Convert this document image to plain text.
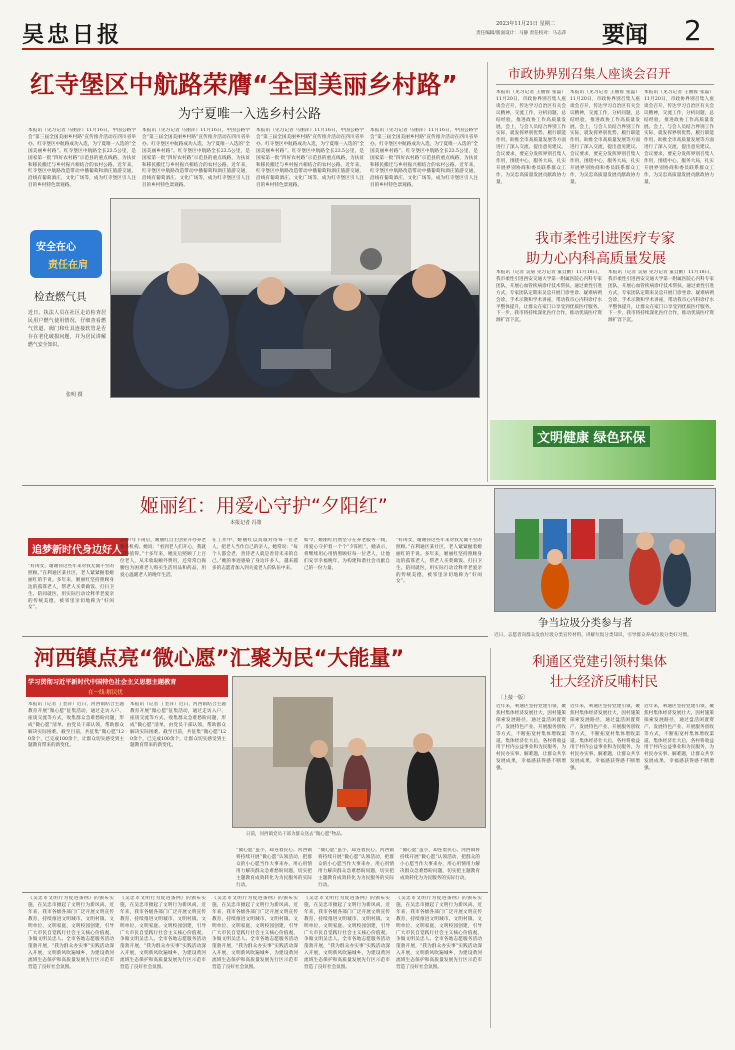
吴忠日报	2023年11月21日 星期二
责任编辑/版面设计：马静 责任校对：马志萍	要闻 2
红寺堡区中航路荣膺“全国美丽乡村路”
为宁夏唯一入选乡村公路
本报讯（见习记者 马丽萍）11月16日，中国公路学会“第三届全国美丽乡村路”宣传推介活动在四川省举办。红寺堡区中航路成功入选，为宁夏唯一入选的“全国美丽乡村路”。红寺堡区中航路全长23.5公里，是国家第一批“四好农村路”示范县的重点线路，为扶贫和移民搬迁与乡村振兴相结合的农村公路。近年来，红寺堡区中航路改造带动中播葡萄和酒庄旅游交通，沿线有葡萄酒庄、文化广场等，成为红寺堡区引人注目的乡村特色景观路。
本报讯（见习记者 马丽萍）11月16日，中国公路学会“第三届全国美丽乡村路”宣传推介活动在四川省举办。红寺堡区中航路成功入选，为宁夏唯一入选的“全国美丽乡村路”。红寺堡区中航路全长23.5公里，是国家第一批“四好农村路”示范县的重点线路，为扶贫和移民搬迁与乡村振兴相结合的农村公路。近年来，红寺堡区中航路改造带动中播葡萄和酒庄旅游交通，沿线有葡萄酒庄、文化广场等，成为红寺堡区引人注目的乡村特色景观路。
本报讯（见习记者 马丽萍）11月16日，中国公路学会“第三届全国美丽乡村路”宣传推介活动在四川省举办。红寺堡区中航路成功入选，为宁夏唯一入选的“全国美丽乡村路”。红寺堡区中航路全长23.5公里，是国家第一批“四好农村路”示范县的重点线路，为扶贫和移民搬迁与乡村振兴相结合的农村公路。近年来，红寺堡区中航路改造带动中播葡萄和酒庄旅游交通，沿线有葡萄酒庄、文化广场等，成为红寺堡区引人注目的乡村特色景观路。
本报讯（见习记者 马丽萍）11月16日，中国公路学会“第三届全国美丽乡村路”宣传推介活动在四川省举办。红寺堡区中航路成功入选，为宁夏唯一入选的“全国美丽乡村路”。红寺堡区中航路全长23.5公里，是国家第一批“四好农村路”示范县的重点线路，为扶贫和移民搬迁与乡村振兴相结合的农村公路。近年来，红寺堡区中航路改造带动中播葡萄和酒庄旅游交通，沿线有葡萄酒庄、文化广场等，成为红寺堡区引人注目的乡村特色景观路。
安全在心
责任在肩
检查燃气具
近日，执法人员在社区走访检查居民用户燃气使用情况，仔细查看燃气管道、阀门和灶具连接软管是否存在老化破损问题，并为居民讲解燃气安全知识。
张明 摄
市政协界别召集人座谈会召开
本报讯（见习记者 王丽蓉 张磊）11月20日，市政协界别召集人座谈会召开，传达学习自治区有关会议精神，交流工作，分析问题，总结经验，推进政协工作高质量发展。会上，与会人员结合界别工作实际，就发挥界别优势、履行职能作用、助推全市高质量发展等方面进行了深入交流，提出意见建议。会议要求，要充分发挥界别召集人作用，围绕中心，服务大局，扎实开展界别协商和委员联系群众工作，为吴忠高质量发展贡献政协力量。
本报讯（见习记者 王丽蓉 张磊）11月20日，市政协界别召集人座谈会召开，传达学习自治区有关会议精神，交流工作，分析问题，总结经验，推进政协工作高质量发展。会上，与会人员结合界别工作实际，就发挥界别优势、履行职能作用、助推全市高质量发展等方面进行了深入交流，提出意见建议。会议要求，要充分发挥界别召集人作用，围绕中心，服务大局，扎实开展界别协商和委员联系群众工作，为吴忠高质量发展贡献政协力量。
本报讯（见习记者 王丽蓉 张磊）11月20日，市政协界别召集人座谈会召开，传达学习自治区有关会议精神，交流工作，分析问题，总结经验，推进政协工作高质量发展。会上，与会人员结合界别工作实际，就发挥界别优势、履行职能作用、助推全市高质量发展等方面进行了深入交流，提出意见建议。会议要求，要充分发挥界别召集人作用，围绕中心，服务大局，扎实开展界别协商和委员联系群众工作，为吴忠高质量发展贡献政协力量。
我市柔性引进医疗专家
助力心内科高质量发展
本报讯（记者 吴菊 见习记者 董自勤）11月18日，我市柔性引进西安交通大学第一附属医院心内科专家团队，开展心血管疾病诊疗技术帮扶。通过柔性引进方式，专家团队定期来吴忠开展门诊坐诊、疑难病例会诊、手术示教和学术讲座，带动我市心内科诊疗水平整体提升，让群众在家门口享受到优质医疗服务。下一步，我市将持续深化医疗合作，推动优质医疗资源扩容下沉。
本报讯（记者 吴菊 见习记者 董自勤）11月18日，我市柔性引进西安交通大学第一附属医院心内科专家团队，开展心血管疾病诊疗技术帮扶。通过柔性引进方式，专家团队定期来吴忠开展门诊坐诊、疑难病例会诊、手术示教和学术讲座，带动我市心内科诊疗水平整体提升，让群众在家门口享受到优质医疗服务。下一步，我市将持续深化医疗合作，推动优质医疗资源扩容下沉。
文明健康 绿色环保
姬丽红：用爱心守护“夕阳红”
本报记者 冯策
追梦新时代身边好人
“好闺女，谢谢你这些年来对我无微不至的照顾。”在利通区某社区，老人紧紧握着姬丽红的手说。多年来，姬丽红坚持照顾身边的孤寡老人，帮老人买菜做饭、打扫卫生、陪同就医，用实际行动诠释孝老爱亲的传统美德，被邻里亲切地称为“好闺女”。
2007年下岗后，姬丽红自主创业开办养老服务机构。她说：“看到老人们开心，我就觉得值得。”十多年来，她先后照顾了上百位老人，从未收取额外费用，还常常自掏腰包为困难老人购买生活用品和药品，用爱心温暖老人的晚年生活。
在工作中，姬丽红以真诚对待每一位老人，把老人当作自己的亲人。她常说：“每个人都会老，善待老人就是善待未来的自己。”她的事迹感染了身边许多人，越来越多的志愿者加入到关爱老人的队伍中来。
如今，姬丽红仍然坚守在养老服务一线，用爱心守护着一个个“夕阳红”。她表示，将继续用心用情照顾好每一位老人，让他们安享幸福晚年，为构建和谐社会贡献自己的一份力量。
“好闺女，谢谢你这些年来对我无微不至的照顾。”在利通区某社区，老人紧紧握着姬丽红的手说。多年来，姬丽红坚持照顾身边的孤寡老人，帮老人买菜做饭、打扫卫生、陪同就医，用实际行动诠释孝老爱亲的传统美德，被邻里亲切地称为“好闺女”。
争当垃圾分类参与者
近日，志愿者向群众发放垃圾分类宣传材料，讲解垃圾分类知识，引导群众养成垃圾分类好习惯。
河西镇点亮“微心愿”汇聚为民“大能量”
学习贯彻习近平新时代中国特色社会主义思想主题教育
在一线·解民忧
本报讯（记者 丁奎萍）近日，河西镇结合主题教育开展“微心愿”征集活动，通过走访入户、座谈交流等方式，收集群众急难愁盼问题，形成“微心愿”清单，由党员干部认领，帮助群众解决实际困难。截至目前，共征集“微心愿”120余个，已完成100余个，让群众切实感受到主题教育带来的新变化。
本报讯（记者 丁奎萍）近日，河西镇结合主题教育开展“微心愿”征集活动，通过走访入户、座谈交流等方式，收集群众急难愁盼问题，形成“微心愿”清单，由党员干部认领，帮助群众解决实际困难。截至目前，共征集“微心愿”120余个，已完成100余个，让群众切实感受到主题教育带来的新变化。
日前，河西镇党员干部为群众送去“微心愿”物品。
“微心愿”虽小，却连着民心。河西镇将持续开展“微心愿”认领活动，把群众的小心愿当作大事来办，用心用情用力解决群众急难愁盼问题，切实把主题教育成效转化为为民服务的实际行动。
“微心愿”虽小，却连着民心。河西镇将持续开展“微心愿”认领活动，把群众的小心愿当作大事来办，用心用情用力解决群众急难愁盼问题，切实把主题教育成效转化为为民服务的实际行动。
“微心愿”虽小，却连着民心。河西镇将持续开展“微心愿”认领活动，把群众的小心愿当作大事来办，用心用情用力解决群众急难愁盼问题，切实把主题教育成效转化为为民服务的实际行动。
《吴忠市文明行为促进条例》的颁布实施，在吴忠市掀起了文明行为新风尚。近年来，我市各级各部门广泛开展文明宣传教育，持续推进文明城市、文明村镇、文明单位、文明家庭、文明校园创建，引导广大市民自觉践行社会主义核心价值观，争做文明吴忠人。全市各地志愿服务活动蓬勃开展，“我为群众办实事”实践活动深入开展，文明新风吹遍城乡，为建设黄河流域生态保护和高质量发展先行区示范市营造了良好社会氛围。
《吴忠市文明行为促进条例》的颁布实施，在吴忠市掀起了文明行为新风尚。近年来，我市各级各部门广泛开展文明宣传教育，持续推进文明城市、文明村镇、文明单位、文明家庭、文明校园创建，引导广大市民自觉践行社会主义核心价值观，争做文明吴忠人。全市各地志愿服务活动蓬勃开展，“我为群众办实事”实践活动深入开展，文明新风吹遍城乡，为建设黄河流域生态保护和高质量发展先行区示范市营造了良好社会氛围。
《吴忠市文明行为促进条例》的颁布实施，在吴忠市掀起了文明行为新风尚。近年来，我市各级各部门广泛开展文明宣传教育，持续推进文明城市、文明村镇、文明单位、文明家庭、文明校园创建，引导广大市民自觉践行社会主义核心价值观，争做文明吴忠人。全市各地志愿服务活动蓬勃开展，“我为群众办实事”实践活动深入开展，文明新风吹遍城乡，为建设黄河流域生态保护和高质量发展先行区示范市营造了良好社会氛围。
《吴忠市文明行为促进条例》的颁布实施，在吴忠市掀起了文明行为新风尚。近年来，我市各级各部门广泛开展文明宣传教育，持续推进文明城市、文明村镇、文明单位、文明家庭、文明校园创建，引导广大市民自觉践行社会主义核心价值观，争做文明吴忠人。全市各地志愿服务活动蓬勃开展，“我为群众办实事”实践活动深入开展，文明新风吹遍城乡，为建设黄河流域生态保护和高质量发展先行区示范市营造了良好社会氛围。
《吴忠市文明行为促进条例》的颁布实施，在吴忠市掀起了文明行为新风尚。近年来，我市各级各部门广泛开展文明宣传教育，持续推进文明城市、文明村镇、文明单位、文明家庭、文明校园创建，引导广大市民自觉践行社会主义核心价值观，争做文明吴忠人。全市各地志愿服务活动蓬勃开展，“我为群众办实事”实践活动深入开展，文明新风吹遍城乡，为建设黄河流域生态保护和高质量发展先行区示范市营造了良好社会氛围。
利通区党建引领村集体
壮大经济反哺村民
〔上接一版〕
近年来，利通区坚持党建引领，聚焦村集体经济发展壮大，因村施策探索发展路径，通过盘活闲置资产、发展特色产业、开展服务创收等方式，不断拓宽村集体增收渠道。集体经济壮大后，各村将收益用于村内公益事业和为民服务，为村民办实事、解难题，让群众共享发展成果，幸福感获得感不断增强。
近年来，利通区坚持党建引领，聚焦村集体经济发展壮大，因村施策探索发展路径，通过盘活闲置资产、发展特色产业、开展服务创收等方式，不断拓宽村集体增收渠道。集体经济壮大后，各村将收益用于村内公益事业和为民服务，为村民办实事、解难题，让群众共享发展成果，幸福感获得感不断增强。
近年来，利通区坚持党建引领，聚焦村集体经济发展壮大，因村施策探索发展路径，通过盘活闲置资产、发展特色产业、开展服务创收等方式，不断拓宽村集体增收渠道。集体经济壮大后，各村将收益用于村内公益事业和为民服务，为村民办实事、解难题，让群众共享发展成果，幸福感获得感不断增强。
